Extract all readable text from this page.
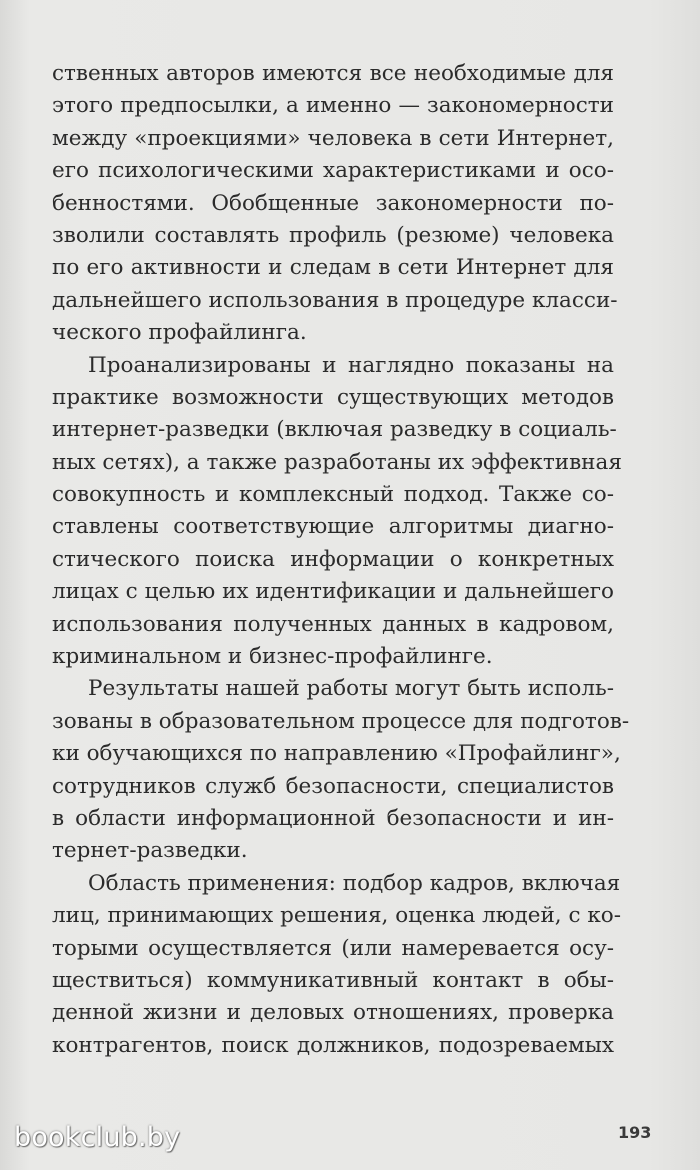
ственных авторов имеются все необходимые для
этого предпосылки, а именно — закономерности
между «проекциями» человека в сети Интернет,
его психологическими характеристиками и осо-
бенностями. Обобщенные закономерности по-
зволили составлять профиль (резюме) человека
по его активности и следам в сети Интернет для
дальнейшего использования в процедуре класси-
ческого профайлинга.
Проанализированы и наглядно показаны на
практике возможности существующих методов
интернет-разведки (включая разведку в социаль-
ных сетях), а также разработаны их эффективная
совокупность и комплексный подход. Также со-
ставлены соответствующие алгоритмы диагно-
стического поиска информации о конкретных
лицах с целью их идентификации и дальнейшего
использования полученных данных в кадровом,
криминальном и бизнес-профайлинге.
Результаты нашей работы могут быть исполь-
зованы в образовательном процессе для подготов-
ки обучающихся по направлению «Профайлинг»,
сотрудников служб безопасности, специалистов
в области информационной безопасности и ин-
тернет-разведки.
Область применения: подбор кадров, включая
лиц, принимающих решения, оценка людей, с ко-
торыми осуществляется (или намеревается осу-
ществиться) коммуникативный контакт в обы-
денной жизни и деловых отношениях, проверка
контрагентов, поиск должников, подозреваемых
193
bookclub.by
